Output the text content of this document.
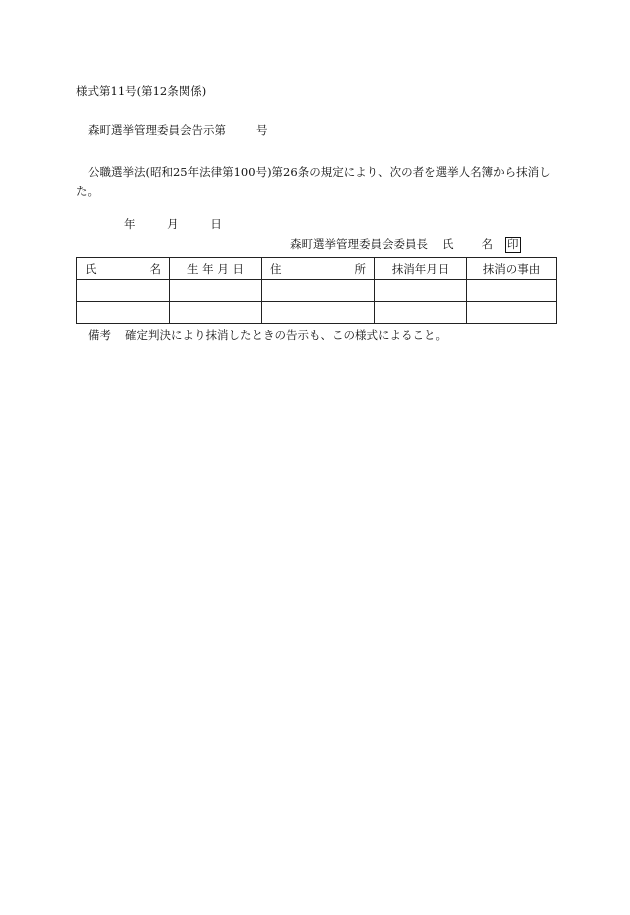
様式第11号(第12条関係)
森町選挙管理委員会告示第	号
公職選挙法(昭和25年法律第100号)第26条の規定により、次の者を選挙人名簿から抹消した。
年	月	日
森町選挙管理委員会委員長 氏 名 印
氏 名	生 年 月 日	住 所	抹消年月日	抹消の事由

備考 確定判決により抹消したときの告示も、この様式によること。
